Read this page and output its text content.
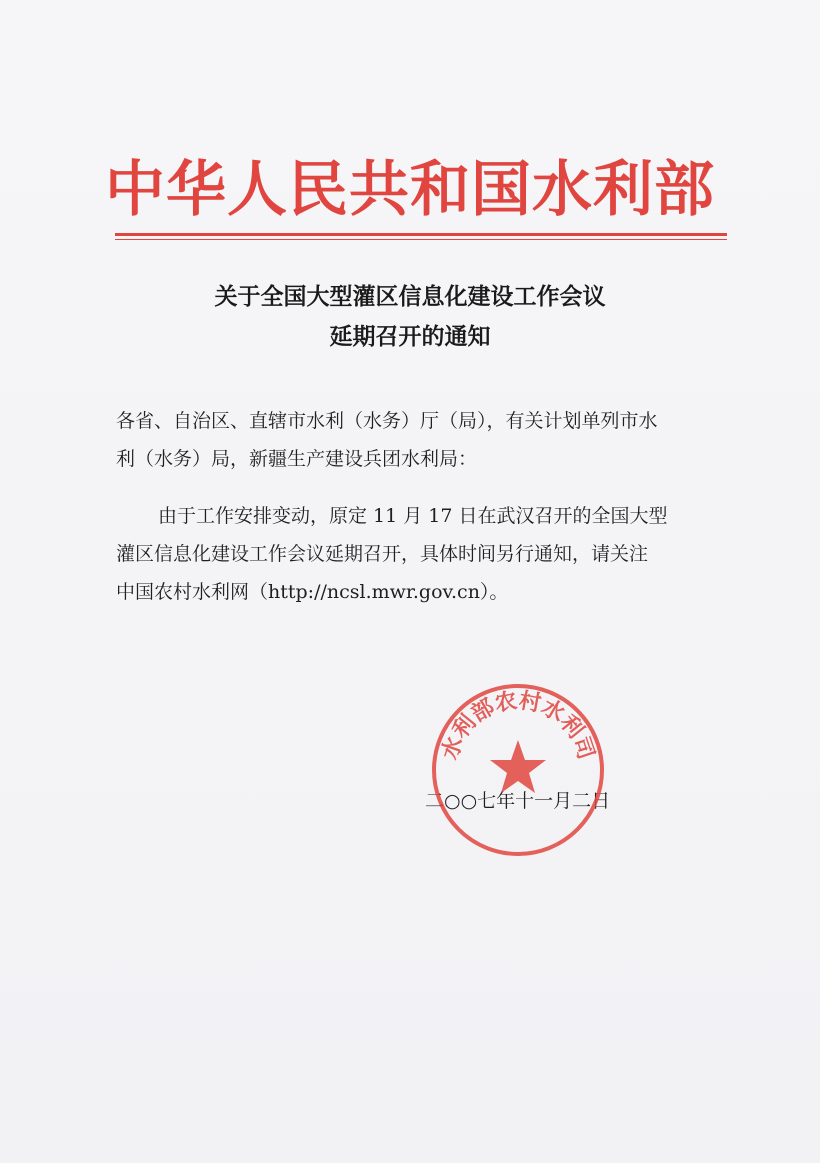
中华人民共和国水利部
关于全国大型灌区信息化建设工作会议
延期召开的通知
各省、自治区、直辖市水利（水务）厅（局），有关计划单列市水
利（水务）局，新疆生产建设兵团水利局：
由于工作安排变动，原定 11 月 17 日在武汉召开的全国大型
灌区信息化建设工作会议延期召开，具体时间另行通知，请关注
中国农村水利网（http://ncsl.mwr.gov.cn）。
二○○七年十一月二日
水利部农村水利司
